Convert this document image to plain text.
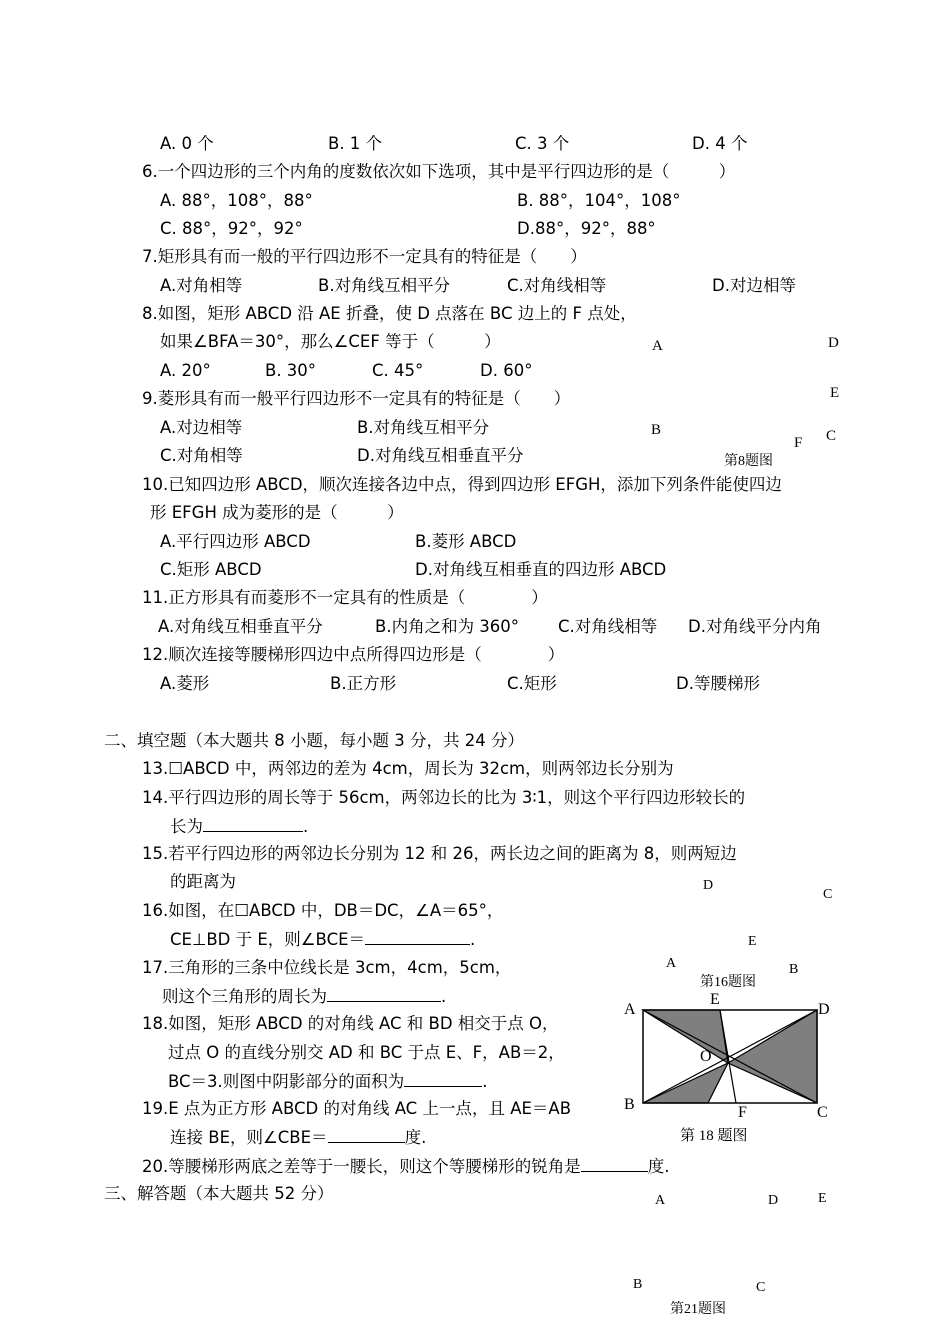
A. 0 个	B. 1 个	C. 3 个	D. 4 个
6.一个四边形的三个内角的度数依次如下选项，其中是平行四边形的是（　　　）
A. 88°，108°，88°	B. 88°，104°，108°
C. 88°，92°，92°	D.88°，92°，88°
7.矩形具有而一般的平行四边形不一定具有的特征是（　　）
A.对角相等	B.对角线互相平分	C.对角线相等	D.对边相等
8.如图，矩形 ABCD 沿 AE 折叠，使 D 点落在 BC 边上的 F 点处，
如果∠BFA＝30°，那么∠CEF 等于（　　　）
A. 20°	B. 30°	C. 45°	D. 60°
9.菱形具有而一般平行四边形不一定具有的特征是（　　）
A.对边相等	B.对角线互相平分
C.对角相等	D.对角线互相垂直平分
A	D
E
B
F C
第8题图
10.已知四边形 ABCD，顺次连接各边中点，得到四边形 EFGH，添加下列条件能使四边
形 EFGH 成为菱形的是（　　　）
A.平行四边形 ABCD	B.菱形 ABCD
C.矩形 ABCD	D.对角线互相垂直的四边形 ABCD
11.正方形具有而菱形不一定具有的性质是（　　　　）
A.对角线互相垂直平分	B.内角之和为 360° C.对角线相等 D.对角线平分内角
12.顺次连接等腰梯形四边中点所得四边形是（　　　　）
A.菱形	B.正方形	C.矩形	D.等腰梯形
二、填空题（本大题共 8 小题，每小题 3 分，共 24 分）
13.☐ABCD 中，两邻边的差为 4cm，周长为 32cm，则两邻边长分别为
14.平行四边形的周长等于 56cm，两邻边长的比为 3∶1，则这个平行四边形较长的
长为	.
15.若平行四边形的两邻边长分别为 12 和 26，两长边之间的距离为 8，则两短边
的距离为
16.如图，在☐ABCD 中，DB＝DC，∠A＝65°，
CE⊥BD 于 E，则∠BCE＝	.
D
C
E
A	B
第16题图
17.三角形的三条中位线长是 3cm，4cm，5cm，
则这个三角形的周长为	.
18.如图，矩形 ABCD 的对角线 AC 和 BD 相交于点 O，
过点 O 的直线分别交 AD 和 BC 于点 E、F，AB＝2，
BC＝3.则图中阴影部分的面积为	.
A
E
D
O
B	F	C
第 18 题图
19.E 点为正方形 ABCD 的对角线 AC 上一点，且 AE＝AB
连接 BE，则∠CBE＝	度.
20.等腰梯形两底之差等于一腰长，则这个等腰梯形的锐角是	度.
三、解答题（本大题共 52 分）	A	D	E
B	C
第21题图
